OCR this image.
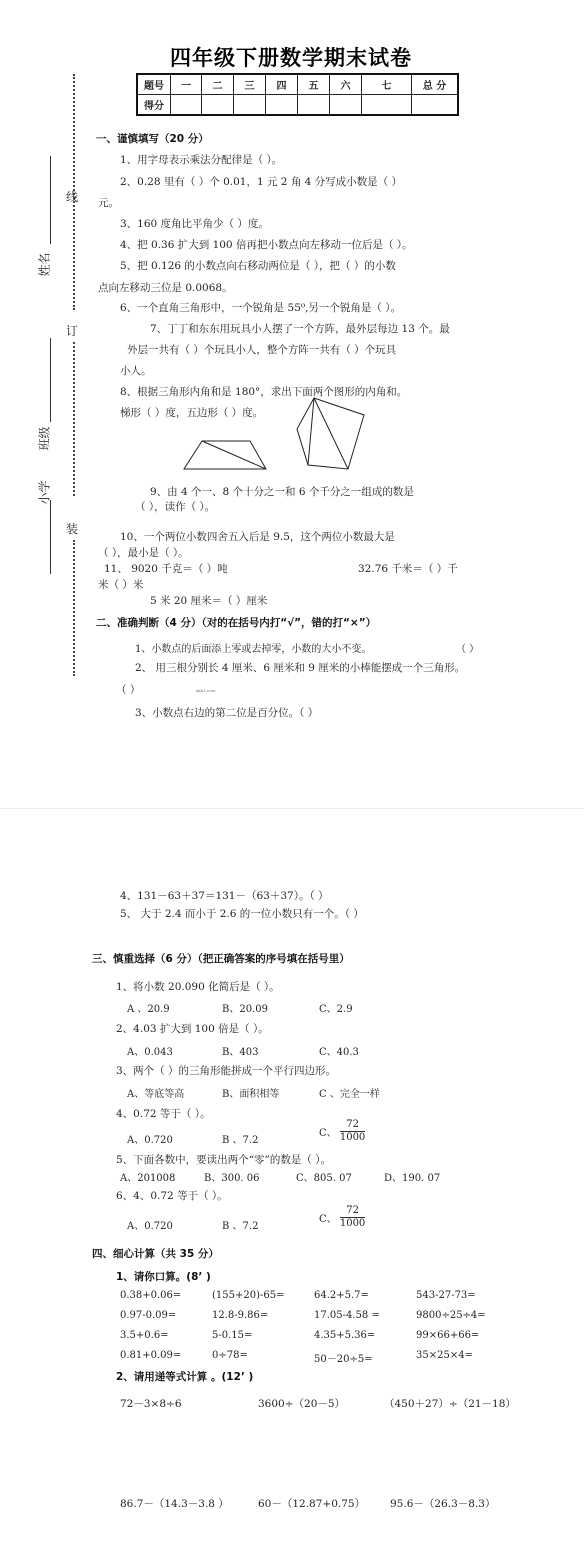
四年级下册数学期末试卷
题号	一	二	三	四	五	六	七	总 分
得分								
线
订
装
姓名
班级
小学
一、谨慎填写（20 分）
1、用字母表示乘法分配律是（ ）。
2、0.28 里有（ ）个 0.01，1 元 2 角 4 分写成小数是（ ）
元。
3、160 度角比平角少（ ）度。
4、把 0.36 扩大到 100 倍再把小数点向左移动一位后是（ ）。
5、把 0.126 的小数点向右移动两位是（ ），把（ ）的小数
点向左移动三位是 0.0068。
6、一个直角三角形中，一个锐角是 55⁰,另一个锐角是（ ）。
7、丁丁和东东用玩具小人摆了一个方阵，最外层每边 13 个。最
外层一共有（ ）个玩具小人，整个方阵一共有（ ）个玩具
小人。
8、根据三角形内角和是 180°，求出下面两个图形的内角和。
梯形（ ）度，五边形（ ）度。
9、由 4 个一、8 个十分之一和 6 个千分之一组成的数是
（ ），读作（ ）。
10、一个两位小数四舍五入后是 9.5，这个两位小数最大是
（ ），最小是（ ）。
11、 9020 千克＝（ ）吨	32.76 千米＝（ ）千
米（ ）米
5 米 20 厘米＝（ ）厘米
二、准确判断（4 分）（对的在括号内打“√”，错的打“×”）
1、小数点的后面添上零或去掉零，小数的大小不变。	（ ）
2、 用三根分别长 4 厘米、6 厘米和 9 厘米的小棒能摆成一个三角形。
（ ）	xkb1.com
3、小数点右边的第二位是百分位。（ ）
4、131－63＋37＝131－（63＋37）。（ ）
5、 大于 2.4 而小于 2.6 的一位小数只有一个。（ ）
三、慎重选择（6 分）（把正确答案的序号填在括号里）
1、将小数 20.090 化简后是（ ）。
A 、20.9	B、20.09	C、2.9
2、4.03 扩大到 100 倍是（ ）。
A、0.043	B、403	C、40.3
3、两个（ ）的三角形能拼成一个平行四边形。
A、等底等高	B、面积相等	C 、完全一样
4、0.72 等于（ ）。
A、0.720	B 、7.2
C、 $\frac{72}{1000}$
5、下面各数中，要读出两个“零”的数是（ ）。
A、201008	B、300. 06	C、805. 07	D、190. 07
6、4、0.72 等于（ ）。
A、0.720	B 、7.2
C、 $\frac{72}{1000}$
四、细心计算（共 35 分）
1、请你口算。(8’ )
0.38+0.06=	(155+20)-65=	64.2+5.7=	543-27-73=
0.97-0.09=	12.8-9.86=	17.05-4.58 =	9800÷25÷4=
3.5+0.6=	5-0.15=	4.35+5.36=	99×66+66=
0.81+0.09=	0÷78=	50－20÷5=	35×25×4=
2、请用递等式计算 。(12’ )
72－3×8÷6	3600÷（20－5）	（450＋27）÷（21－18）
86.7－（14.3－3.8 ）	60－（12.87+0.75） 95.6－（26.3－8.3）
